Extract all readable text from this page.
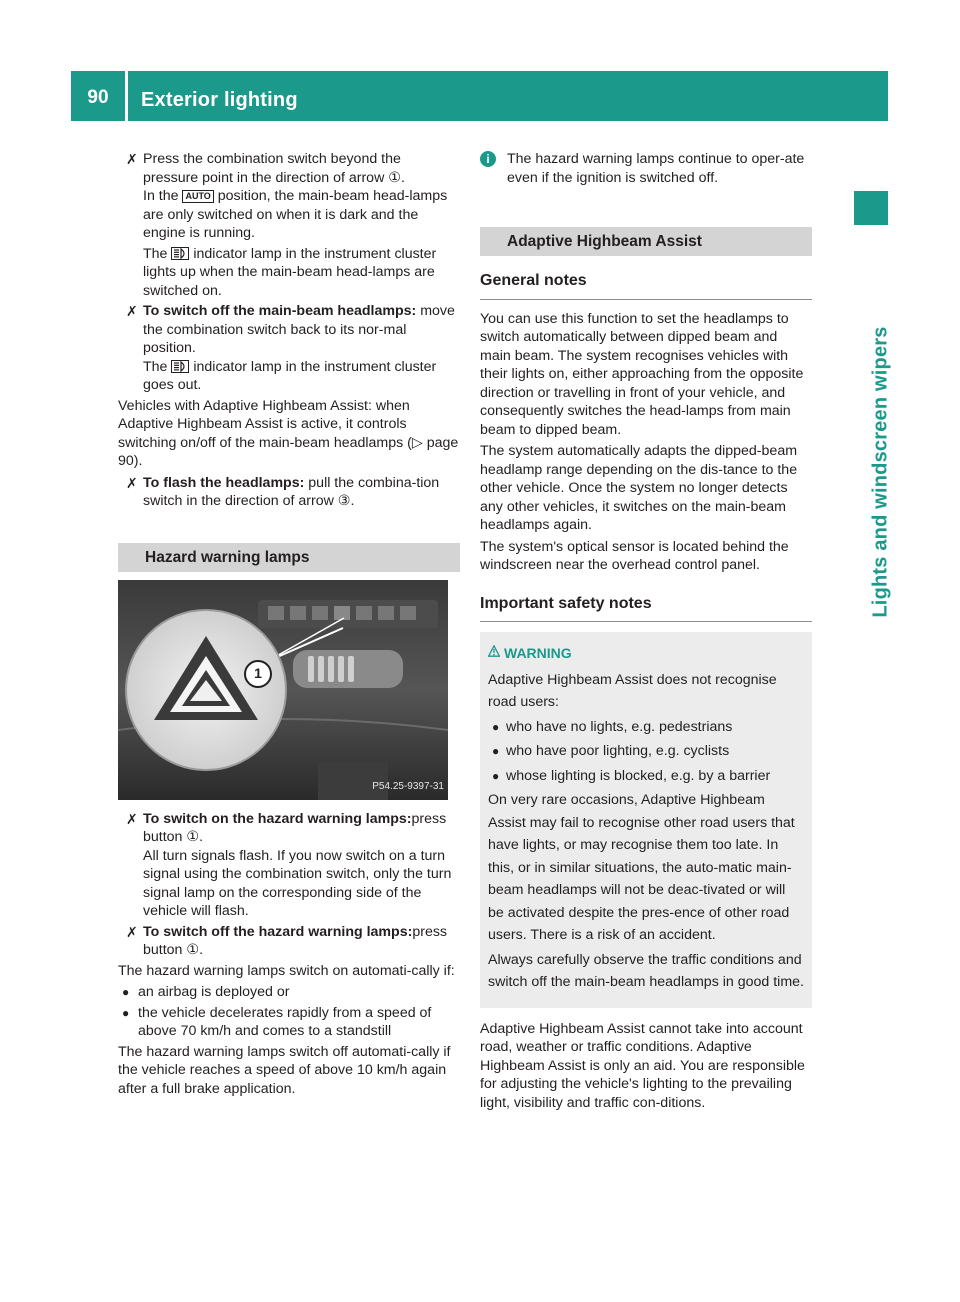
90	Exterior lighting
Lights and windscreen wipers
✗ Press the combination switch beyond the pressure point in the direction of arrow ①.

In the AUTO position, the main-beam head-lamps are only switched on when it is dark and the engine is running.

The indicator lamp in the instrument cluster lights up when the main-beam head-lamps are switched on.

✗ To switch off the main-beam headlamps: move the combination switch back to its nor-mal position.

The indicator lamp in the instrument cluster goes out.

Vehicles with Adaptive Highbeam Assist: when Adaptive Highbeam Assist is active, it controls switching on/off of the main-beam headlamps (▷ page 90).

✗ To flash the headlamps: pull the combina-tion switch in the direction of arrow ③.

Hazard warning lamps
1
P54.25-9397-31
✗ To switch on the hazard warning lamps:press button ①.

All turn signals flash. If you now switch on a turn signal using the combination switch, only the turn signal lamp on the corresponding side of the vehicle will flash.

✗ To switch off the hazard warning lamps:press button ①.

The hazard warning lamps switch on automati-cally if:

● an airbag is deployed or
● the vehicle decelerates rapidly from a speed of above 70 km/h and comes to a standstill

The hazard warning lamps switch off automati-cally if the vehicle reaches a speed of above 10 km/h again after a full brake application.

i	The hazard warning lamps continue to oper-ate even if the ignition is switched off.

Adaptive Highbeam Assist
General notes

You can use this function to set the headlamps to switch automatically between dipped beam and main beam. The system recognises vehicles with their lights on, either approaching from the opposite direction or travelling in front of your vehicle, and consequently switches the head-lamps from main beam to dipped beam.

The system automatically adapts the dipped-beam headlamp range depending on the dis-tance to the other vehicle. Once the system no longer detects any other vehicles, it switches on the main-beam headlamps again.

The system's optical sensor is located behind the windscreen near the overhead control panel.

Important safety notes
WARNING

Adaptive Highbeam Assist does not recognise road users:

● who have no lights, e.g. pedestrians
● who have poor lighting, e.g. cyclists
● whose lighting is blocked, e.g. by a barrier

On very rare occasions, Adaptive Highbeam Assist may fail to recognise other road users that have lights, or may recognise them too late. In this, or in similar situations, the auto-matic main-beam headlamps will not be deac-tivated or will be activated despite the pres-ence of other road users. There is a risk of an accident.

Always carefully observe the traffic conditions and switch off the main-beam headlamps in good time.

Adaptive Highbeam Assist cannot take into account road, weather or traffic conditions. Adaptive Highbeam Assist is only an aid. You are responsible for adjusting the vehicle's lighting to the prevailing light, visibility and traffic con-ditions.
